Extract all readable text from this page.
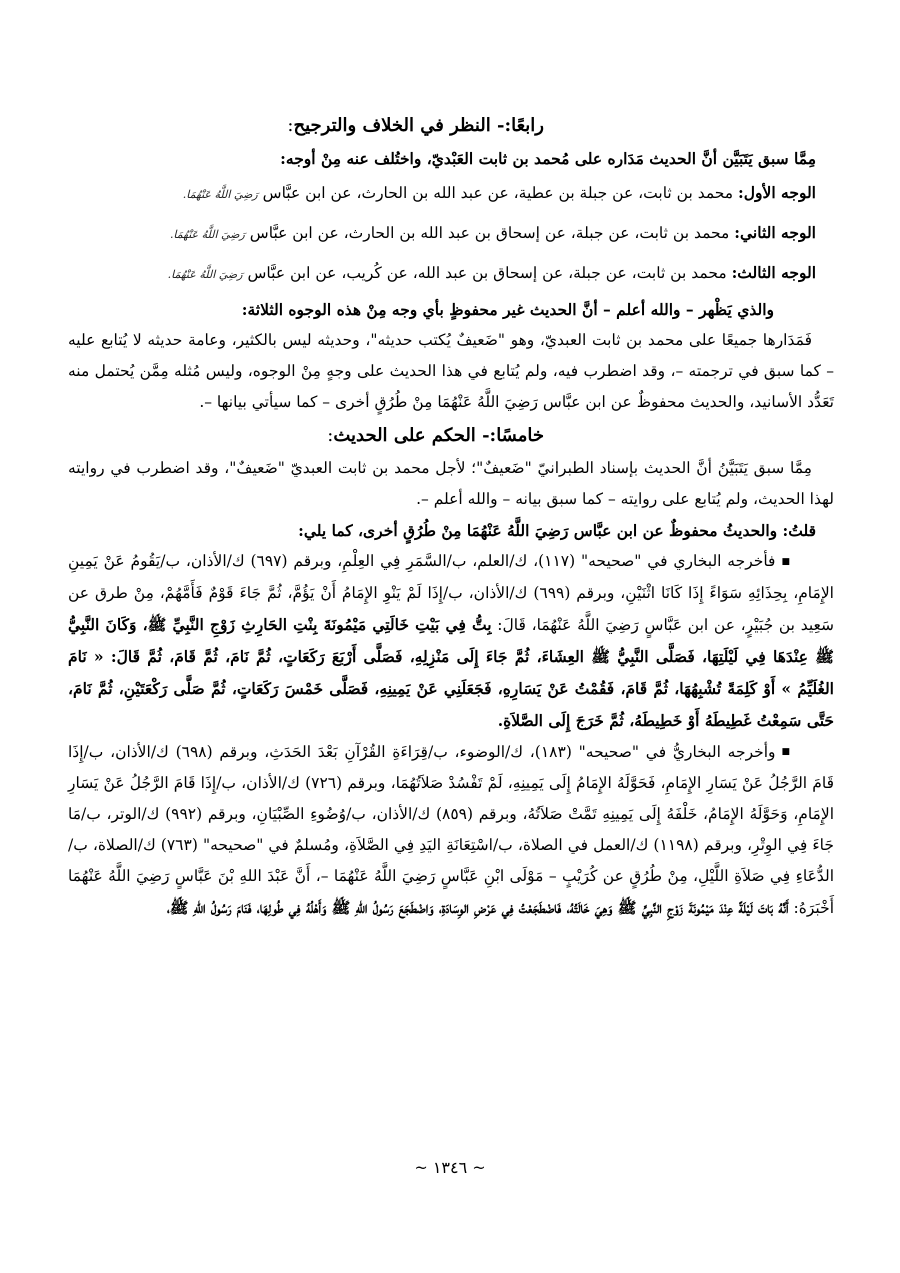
رابعًا:- النظر في الخلاف والترجيح:
مِمَّا سبق يَتَبَيَّن أنَّ الحديث مَدَاره على مُحمد بن ثابت العَبْديّ، واختُلف عنه مِنْ أوجه:

الوجه الأول: محمد بن ثابت، عن جبلة بن عطية، عن عبد الله بن الحارث، عن ابن عبَّاس رَضِيَ اللَّهُ عَنْهُمَا.

الوجه الثاني: محمد بن ثابت، عن جبلة، عن إسحاق بن عبد الله بن الحارث، عن ابن عبَّاس رَضِيَ اللَّهُ عَنْهُمَا.

الوجه الثالث: محمد بن ثابت، عن جبلة، عن إسحاق بن عبد الله، عن كُريب، عن ابن عبَّاس رَضِيَ اللَّهُ عَنْهُمَا.

والذي يَظْهر – والله أعلم – أنَّ الحديث غير محفوظٍ بأي وجه مِنْ هذه الوجوه الثلاثة:

فَمَدَارها جميعًا على محمد بن ثابت العبديّ، وهو "ضَعيفٌ يُكتب حديثه"، وحديثه ليس بالكثير، وعامة حديثه لا يُتابع عليه – كما سبق في ترجمته –، وقد اضطرب فيه، ولم يُتابع في هذا الحديث على وجهٍ مِنْ الوجوه، وليس مُثله مِمَّن يُحتمل منه تَعَدُّد الأسانيد، والحديث محفوظٌ عن ابن عبَّاس رَضِيَ اللَّهُ عَنْهُمَا مِنْ طُرُقٍ أخرى – كما سيأتي بيانها –.

خامسًا:- الحكم على الحديث:

مِمَّا سبق يَتَبَيَّنُ أنَّ الحديث بإسناد الطبرانيّ "ضَعيفٌ"؛ لأجل محمد بن ثابت العبديّ "ضَعيفٌ"، وقد اضطرب في روايته لهذا الحديث، ولم يُتابع على روايته – كما سبق بيانه – والله أعلم –.

قلتُ: والحديثُ محفوظٌ عن ابن عبَّاس رَضِيَ اللَّهُ عَنْهُمَا مِنْ طُرُقٍ أخرى، كما يلي:

■فأخرجه البخاري في "صحيحه" (١١٧)، ك/العلم، ب/السَّمَرِ فِي العِلْمِ، وبرقم (٦٩٧) ك/الأذان، ب/يَقُومُ عَنْ يَمِينِ الإِمَامِ، بِحِذَائِهِ سَوَاءً إِذَا كَانَا اثْنَيْنِ، وبرقم (٦٩٩) ك/الأذان، ب/إِذَا لَمْ يَنْوِ الإِمَامُ أَنْ يَؤُمَّ، ثُمَّ جَاءَ قَوْمٌ فَأَمَّهُمْ، مِنْ طرق عن سَعِيد بن جُبَيْرٍ، عن ابن عَبَّاسٍ رَضِيَ اللَّهُ عَنْهُمَا، قَالَ: بِتُّ فِي بَيْتِ خَالَتِي مَيْمُونَةَ بِنْتِ الحَارِثِ زَوْجِ النَّبِيِّ ﷺ، وَكَانَ النَّبِيُّ ﷺ عِنْدَهَا فِي لَيْلَتِهَا، فَصَلَّى النَّبِيُّ ﷺ العِشَاءَ، ثُمَّ جَاءَ إِلَى مَنْزِلِهِ، فَصَلَّى أَرْبَعَ رَكَعَاتٍ، ثُمَّ نَامَ، ثُمَّ قَامَ، ثُمَّ قَالَ: « نَامَ الغُلَيِّمُ » أَوْ كَلِمَةً تُشْبِهُهَا، ثُمَّ قَامَ، فَقُمْتُ عَنْ يَسَارِهِ، فَجَعَلَنِي عَنْ يَمِينِهِ، فَصَلَّى خَمْسَ رَكَعَاتٍ، ثُمَّ صَلَّى رَكْعَتَيْنِ، ثُمَّ نَامَ، حَتَّى سَمِعْتُ غَطِيطَهُ أَوْ خَطِيطَهُ، ثُمَّ خَرَجَ إِلَى الصَّلاَةِ.

■وأخرجه البخاريُّ في "صحيحه" (١٨٣)، ك/الوضوء، ب/قِرَاءَةِ القُرْآنِ بَعْدَ الحَدَثِ، وبرقم (٦٩٨) ك/الأذان، ب/إِذَا قَامَ الرَّجُلُ عَنْ يَسَارِ الإِمَامِ، فَحَوَّلَهُ الإِمَامُ إِلَى يَمِينِهِ، لَمْ تَفْسُدْ صَلاَتُهُمَا، وبرقم (٧٢٦) ك/الأذان، ب/إِذَا قَامَ الرَّجُلُ عَنْ يَسَارِ الإِمَامِ، وَحَوَّلَهُ الإِمَامُ، خَلْفَهُ إِلَى يَمِينِهِ تَمَّتْ صَلاَتُهُ، وبرقم (٨٥٩) ك/الأذان، ب/وُضُوءِ الصِّبْيَانِ، وبرقم (٩٩٢) ك/الوتر، ب/مَا جَاءَ فِي الوِتْرِ، وبرقم (١١٩٨) ك/العمل في الصلاة، ب/اسْتِعَانَةِ اليَدِ فِي الصَّلاَةِ، ومُسلمٌ في "صحيحه" (٧٦٣) ك/الصلاة، ب/الدُّعَاءِ فِي صَلاَةِ اللَّيْلِ، مِنْ طُرُقٍ عن كُرَيْبٍ – مَوْلَى ابْنِ عَبَّاسٍ رَضِيَ اللَّهُ عَنْهُمَا –، أَنَّ عَبْدَ اللهِ بْنَ عَبَّاسٍ رَضِيَ اللَّهُ عَنْهُمَا أَخْبَرَهُ: أَنَّهُ بَاتَ لَيْلَةً عِنْدَ مَيْمُونَةَ زَوْجِ النَّبِيِّ ﷺ وَهِيَ خَالَتُهُ، فَاضْطَجَعْتُ فِي عَرْضِ الوِسَادَةِ، وَاضْطَجَعَ رَسُولُ اللهِ ﷺ وَأَهْلُهُ فِي طُولِهَا، فَنَامَ رَسُولُ اللهِ ﷺ،

~ ١٣٤٦ ~
